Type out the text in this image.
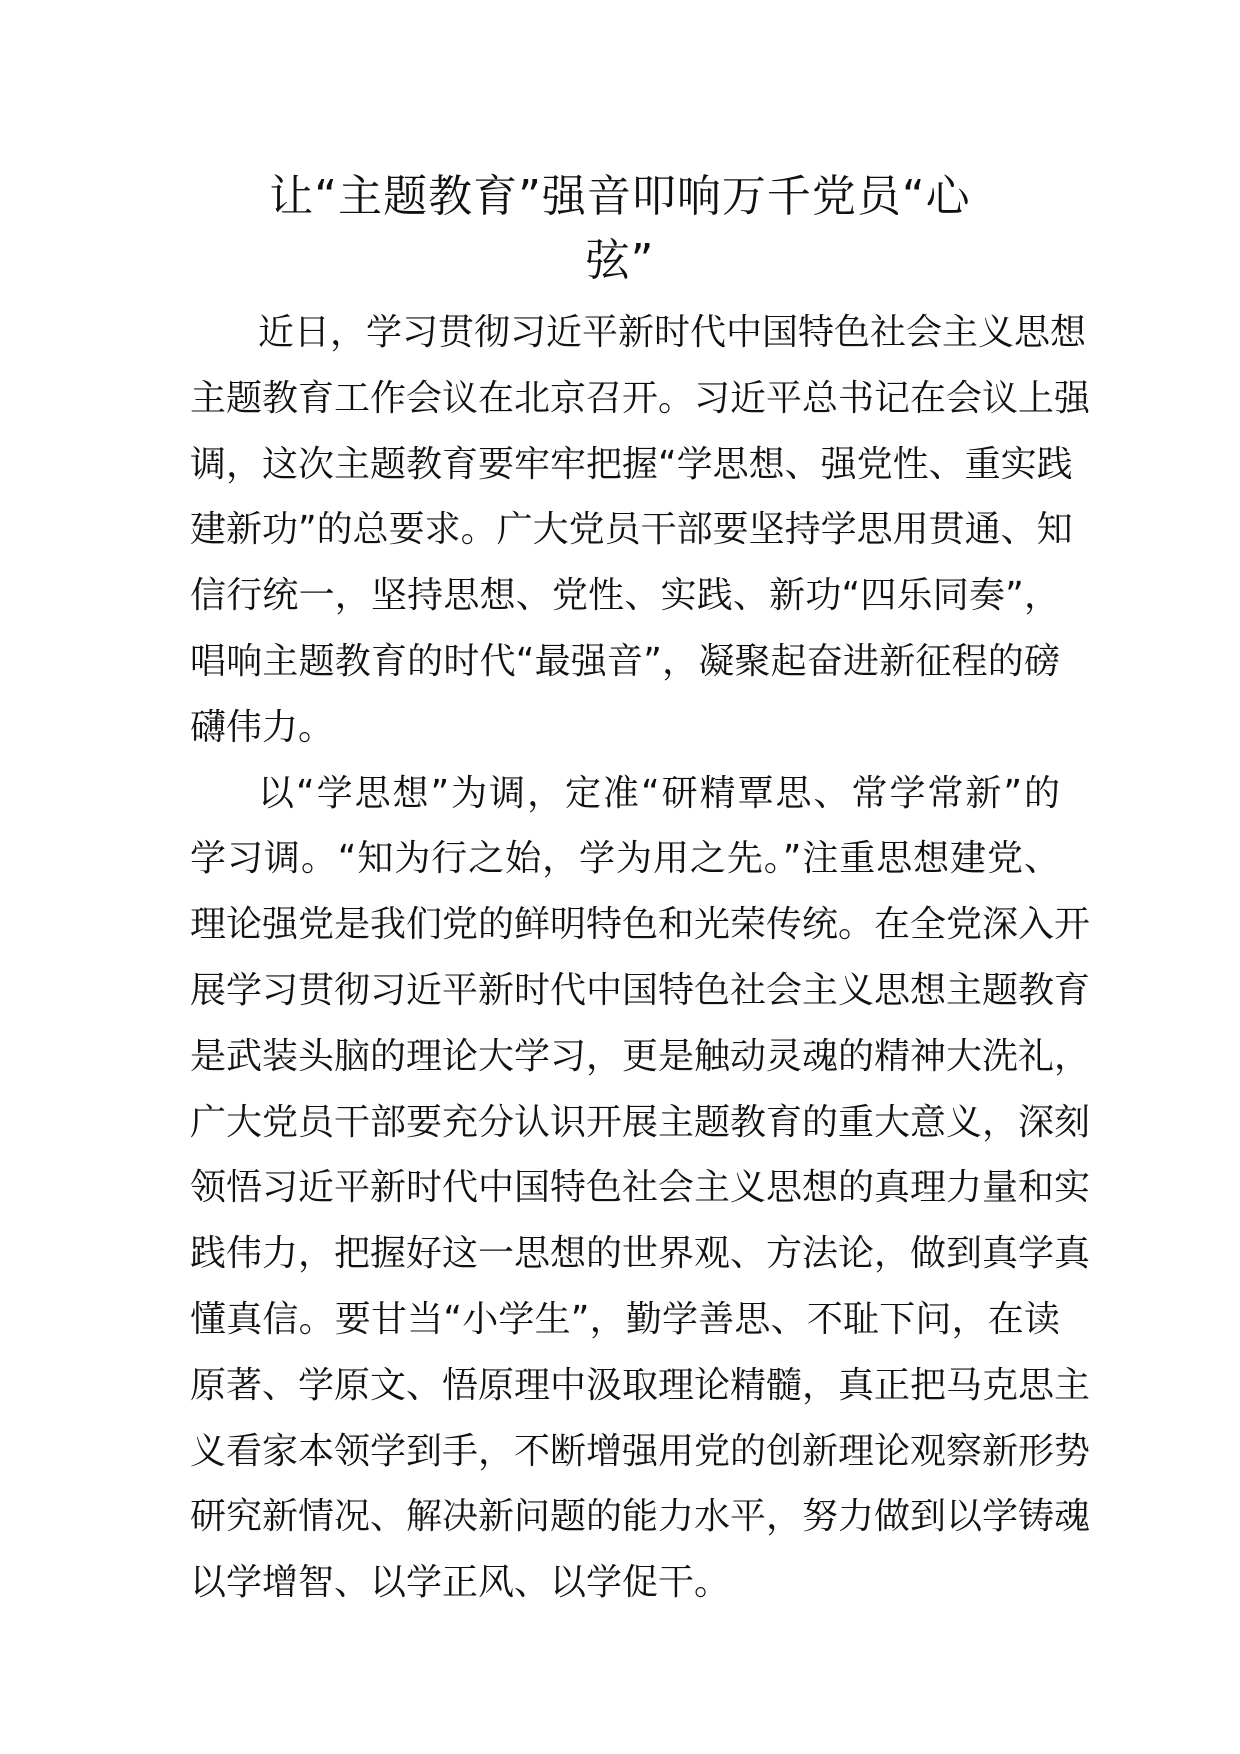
让“主题教育”强音叩响万千党员“心
弦”
近日，学习贯彻习近平新时代中国特色社会主义思想
主题教育工作会议在北京召开。习近平总书记在会议上强
调，这次主题教育要牢牢把握“学思想、强党性、重实践
建新功”的总要求。广大党员干部要坚持学思用贯通、知
信行统一，坚持思想、党性、实践、新功“四乐同奏”，
唱响主题教育的时代“最强音”，凝聚起奋进新征程的磅
礴伟力。
以“学思想”为调，定准“研精覃思、常学常新”的
学习调。“知为行之始，学为用之先。”注重思想建党、
理论强党是我们党的鲜明特色和光荣传统。在全党深入开
展学习贯彻习近平新时代中国特色社会主义思想主题教育
是武装头脑的理论大学习，更是触动灵魂的精神大洗礼，
广大党员干部要充分认识开展主题教育的重大意义，深刻
领悟习近平新时代中国特色社会主义思想的真理力量和实
践伟力，把握好这一思想的世界观、方法论，做到真学真
懂真信。要甘当“小学生”，勤学善思、不耻下问，在读
原著、学原文、悟原理中汲取理论精髓，真正把马克思主
义看家本领学到手，不断增强用党的创新理论观察新形势
研究新情况、解决新问题的能力水平，努力做到以学铸魂
以学增智、以学正风、以学促干。
